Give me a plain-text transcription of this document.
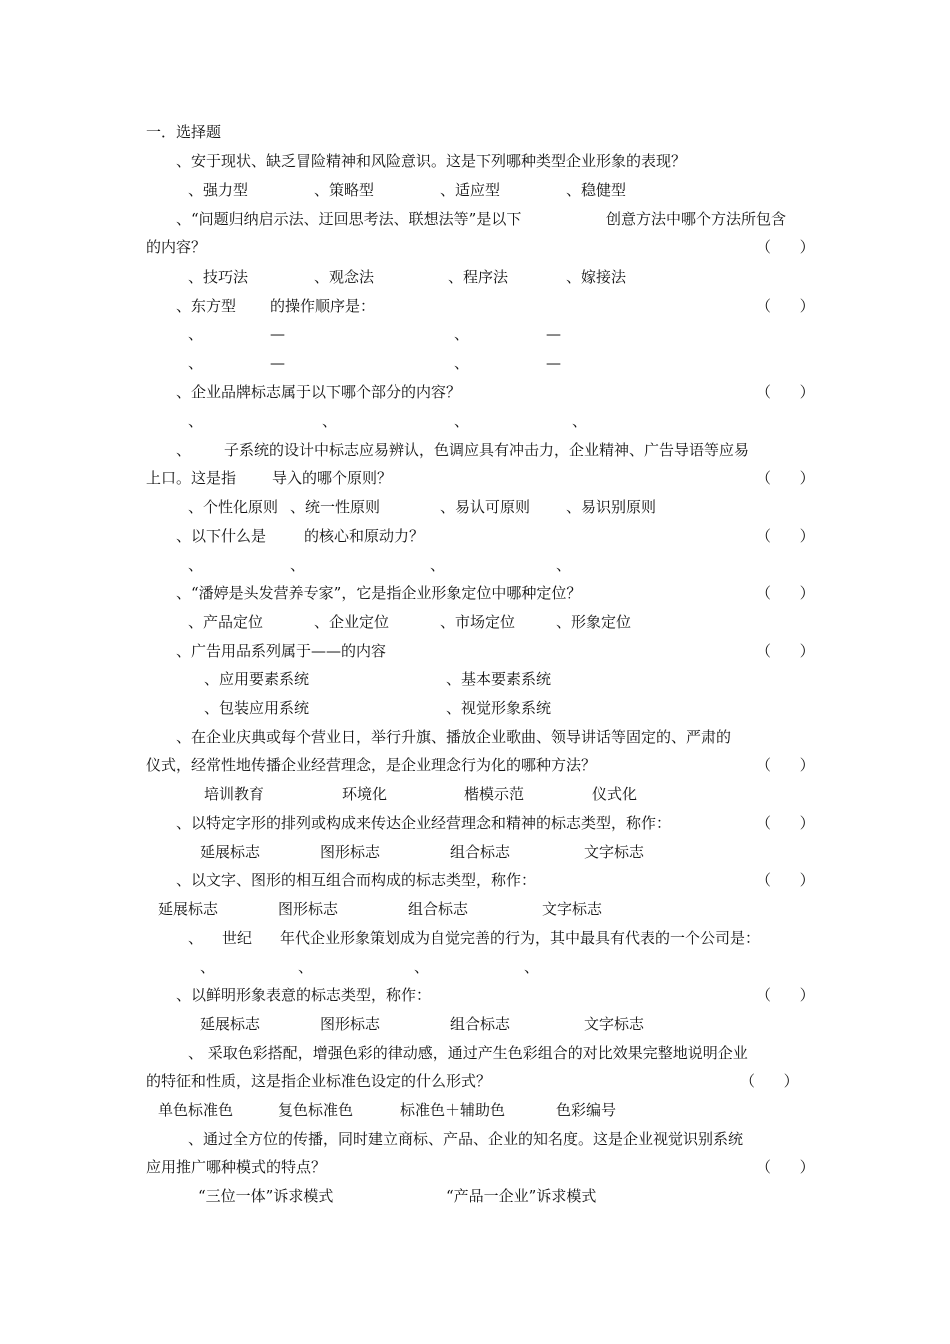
一．选择题
、安于现状、缺乏冒险精神和风险意识。这是下列哪种类型企业形象的表现？
、强力型	、策略型	、适应型	、稳健型
、“问题归纳启示法、迂回思考法、联想法等”是以下	创意方法中哪个方法所包含
的内容？	（      ）
、技巧法	、观念法	、程序法	、嫁接法
、东方型 的操作顺序是：	（      ）
、	—	、	—
、	—	、	—
、企业品牌标志属于以下哪个部分的内容？	（      ）
、	、	、	、
、 子系统的设计中标志应易辨认，色调应具有冲击力，企业精神、广告导语等应易
上口。这是指 导入的哪个原则？	（      ）
、个性化原则 、统一性原则	、易认可原则 、易识别原则
、以下什么是	的核心和原动力？	（      ）
、	、	、	、
、“潘婷是头发营养专家”，它是指企业形象定位中哪种定位？	（      ）
、产品定位	、企业定位	、市场定位	、形象定位
、广告用品系列属于——的内容	（      ）
、应用要素系统	、基本要素系统
、包装应用系统	、视觉形象系统
、在企业庆典或每个营业日，举行升旗、播放企业歌曲、领导讲话等固定的、严肃的
仪式，经常性地传播企业经营理念，是企业理念行为化的哪种方法？	（      ）
培训教育	环境化	楷模示范	仪式化
、以特定字形的排列或构成来传达企业经营理念和精神的标志类型，称作：	（      ）
延展标志	图形标志	组合标志	文字标志
、以文字、图形的相互组合而构成的标志类型，称作：	（      ）
延展标志	图形标志	组合标志	文字标志
、 世纪 年代企业形象策划成为自觉完善的行为，其中最具有代表的一个公司是：
、	、	、	、
、以鲜明形象表意的标志类型，称作：	（      ）
延展标志	图形标志	组合标志	文字标志
、 采取色彩搭配，增强色彩的律动感，通过产生色彩组合的对比效果完整地说明企业
的特征和性质，这是指企业标准色设定的什么形式？	（      ）
单色标准色	复色标准色	标准色＋辅助色	色彩编号
、通过全方位的传播，同时建立商标、产品、企业的知名度。这是企业视觉识别系统
应用推广哪种模式的特点？	（      ）
“三位一体”诉求模式	“产品一企业”诉求模式
